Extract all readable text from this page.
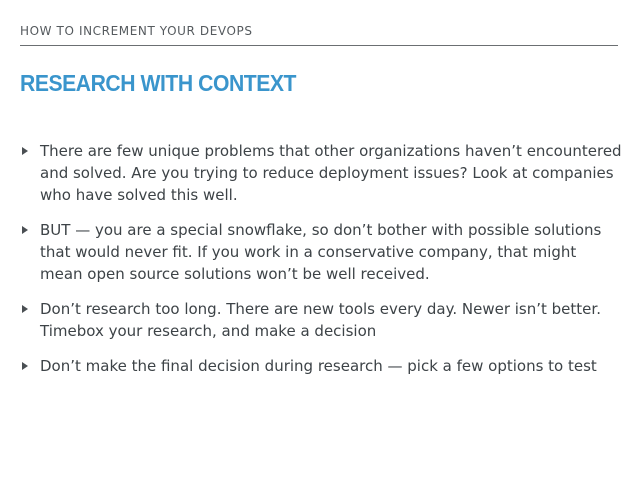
HOW TO INCREMENT YOUR DEVOPS
RESEARCH WITH CONTEXT
There are few unique problems that other organizations haven’t encountered and solved. Are you trying to reduce deployment issues? Look at companies who have solved this well.
BUT — you are a special snowflake, so don’t bother with possible solutions that would never fit. If you work in a conservative company, that might mean open source solutions won’t be well received.
Don’t research too long. There are new tools every day. Newer isn’t better. Timebox your research, and make a decision
Don’t make the final decision during research — pick a few options to test
